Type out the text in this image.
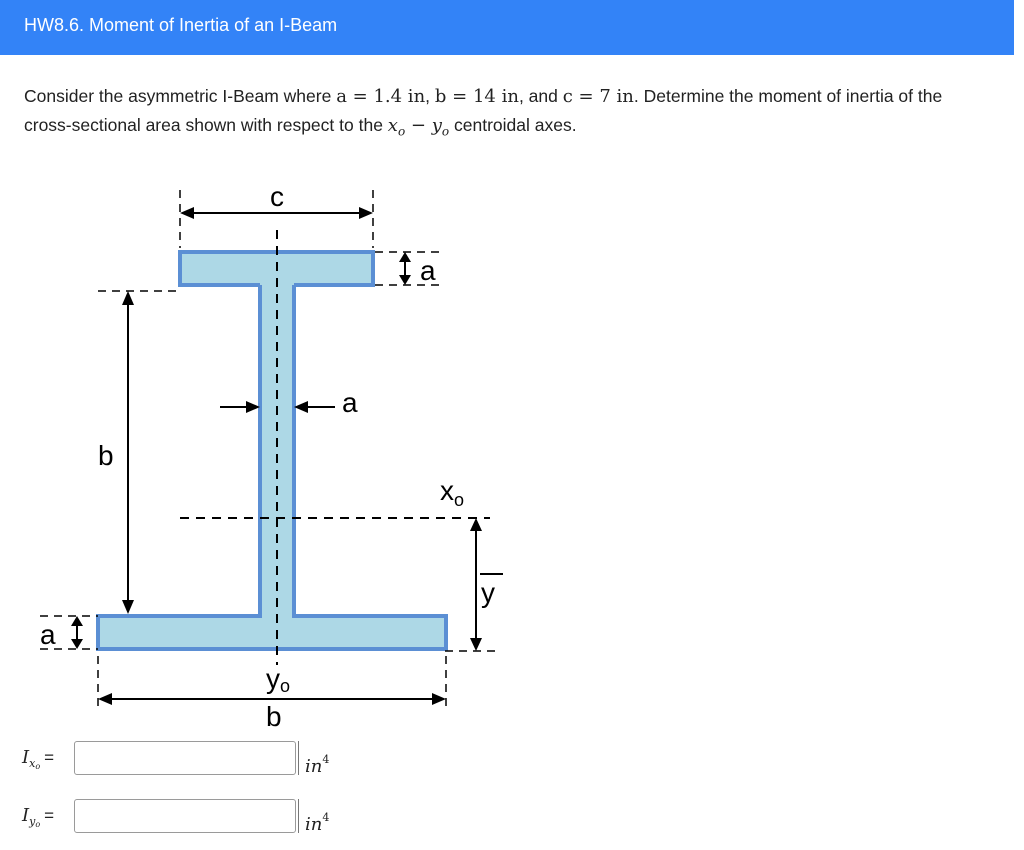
HW8.6. Moment of Inertia of an I-Beam
Consider the asymmetric I-Beam where a = 1.4 in, b = 14 in, and c = 7 in. Determine the moment of inertia of the cross-sectional area shown with respect to the $x_o - y_o$ centroidal axes.
c
a
a
b
$x_o$
y
a
yo
b
$I_{xo}$ =	$in^4$
$I_{yo}$ =	$in^4$
